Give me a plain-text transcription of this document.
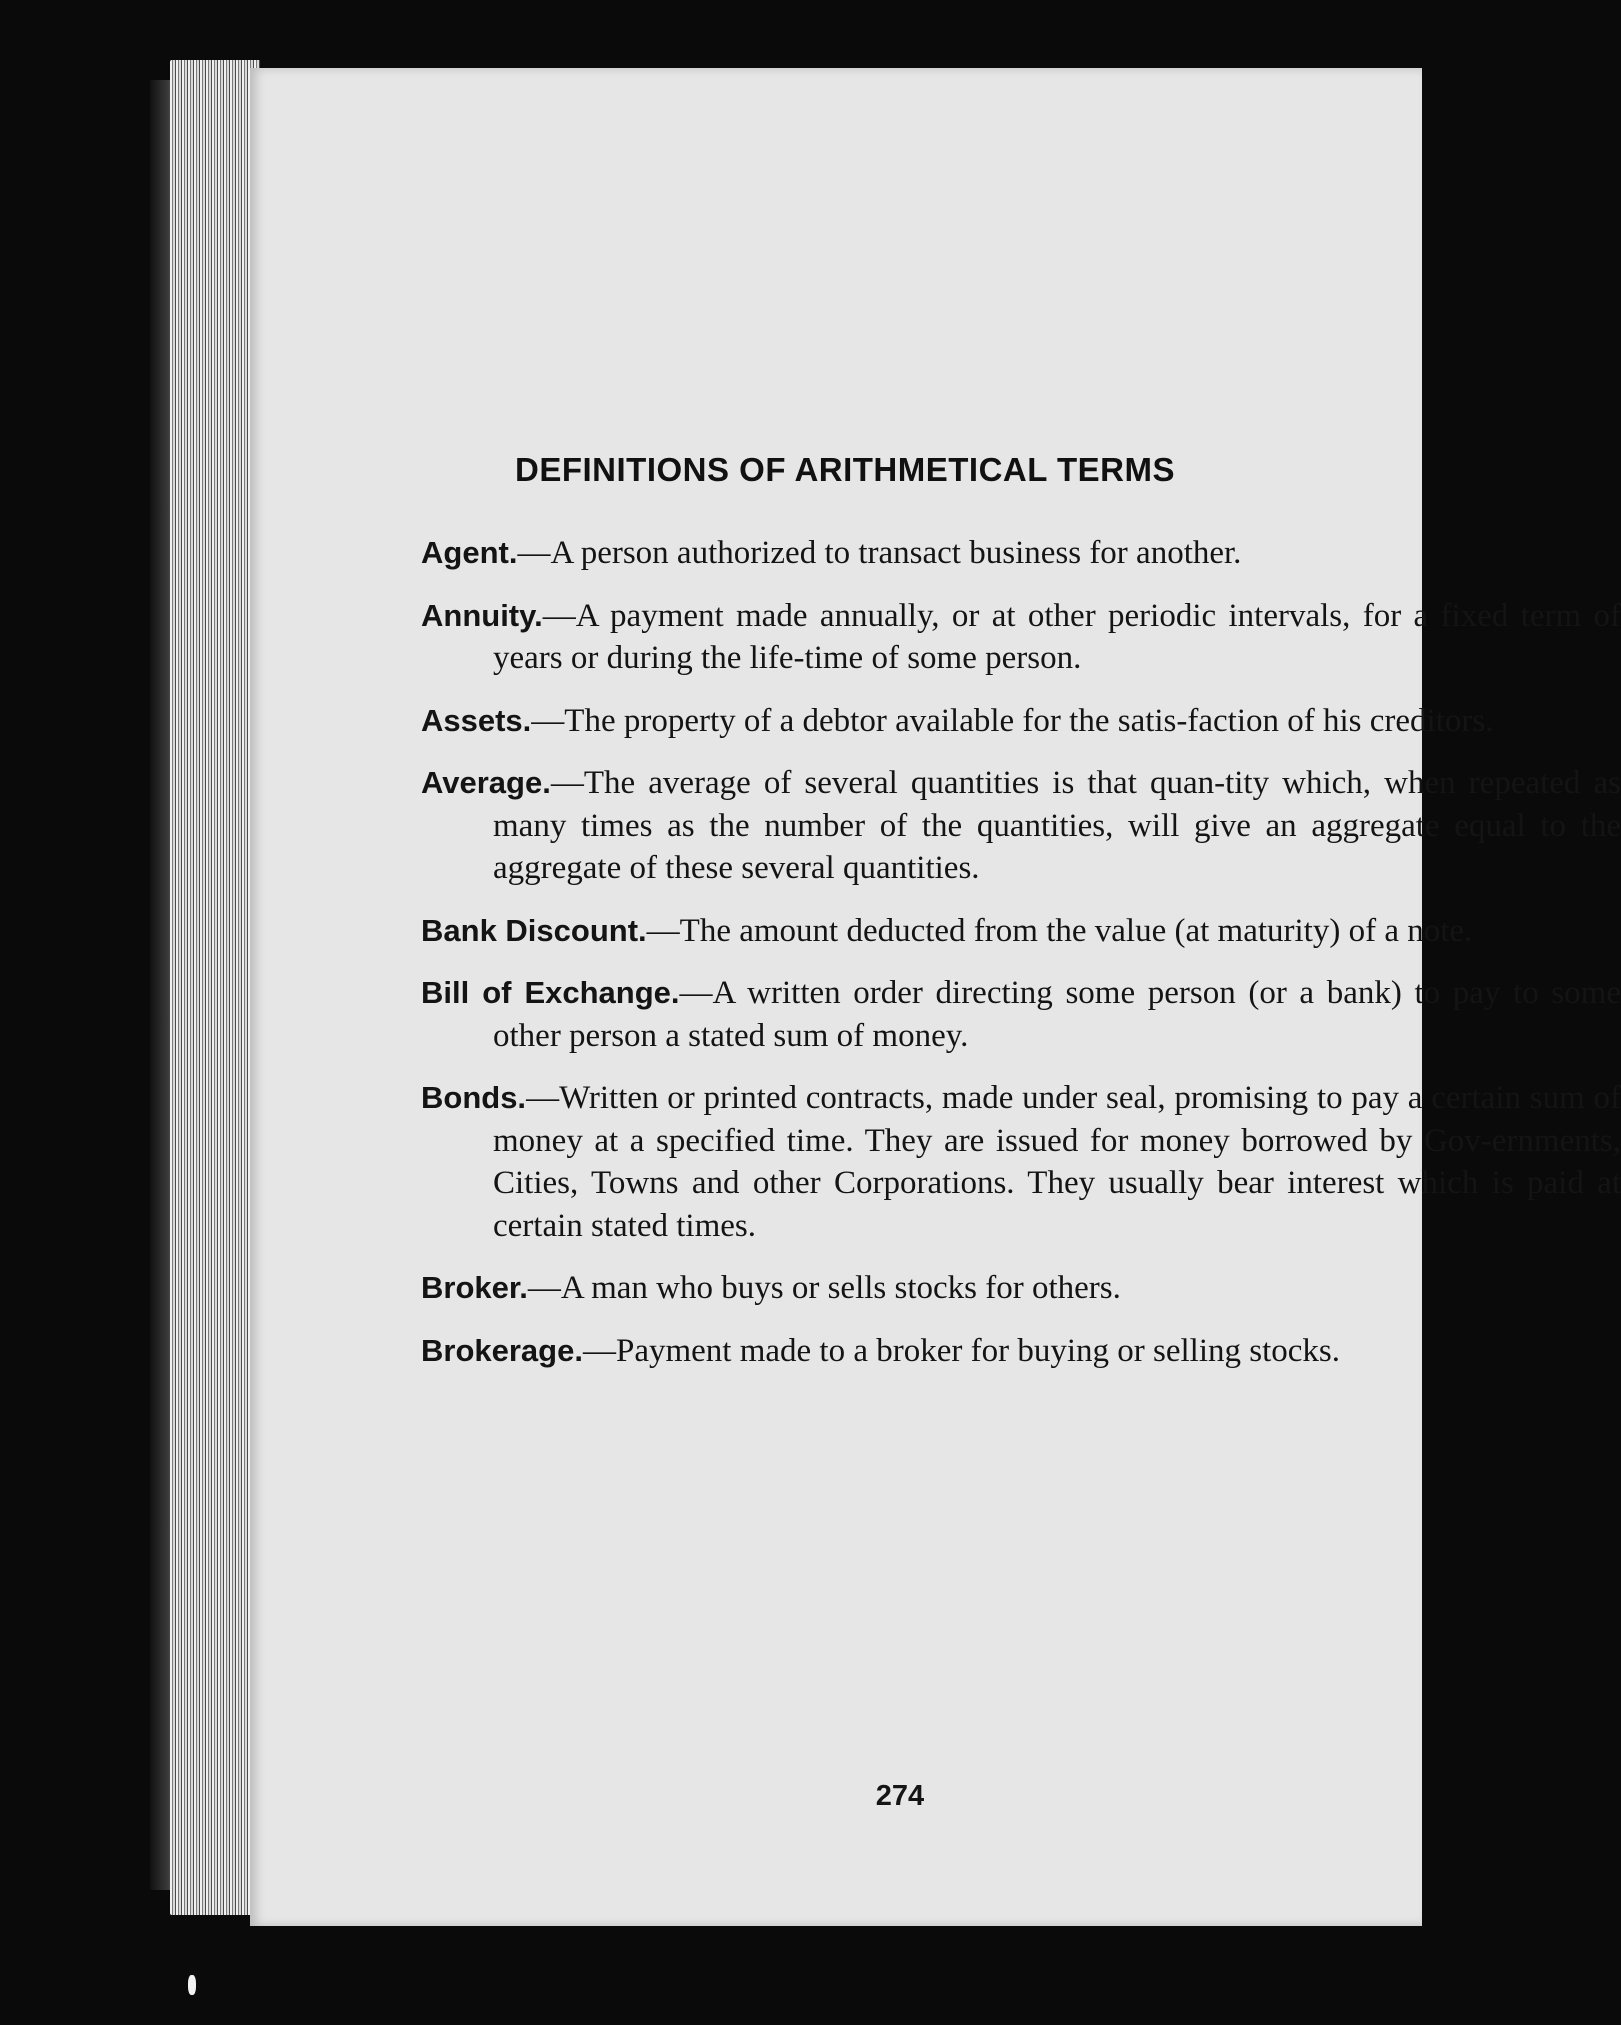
DEFINITIONS OF ARITHMETICAL TERMS

Agent.—A person authorized to transact business for another.

Annuity.—A payment made annually, or at other periodic intervals, for a fixed term of years or during the life-time of some person.

Assets.—The property of a debtor available for the satis-faction of his creditors.

Average.—The average of several quantities is that quan-tity which, when repeated as many times as the number of the quantities, will give an aggregate equal to the aggregate of these several quantities.

Bank Discount.—The amount deducted from the value (at maturity) of a note.

Bill of Exchange.—A written order directing some person (or a bank) to pay to some other person a stated sum of money.

Bonds.—Written or printed contracts, made under seal, promising to pay a certain sum of money at a specified time. They are issued for money borrowed by Gov-ernments, Cities, Towns and other Corporations. They usually bear interest which is paid at certain stated times.

Broker.—A man who buys or sells stocks for others.

Brokerage.—Payment made to a broker for buying or selling stocks.

274
